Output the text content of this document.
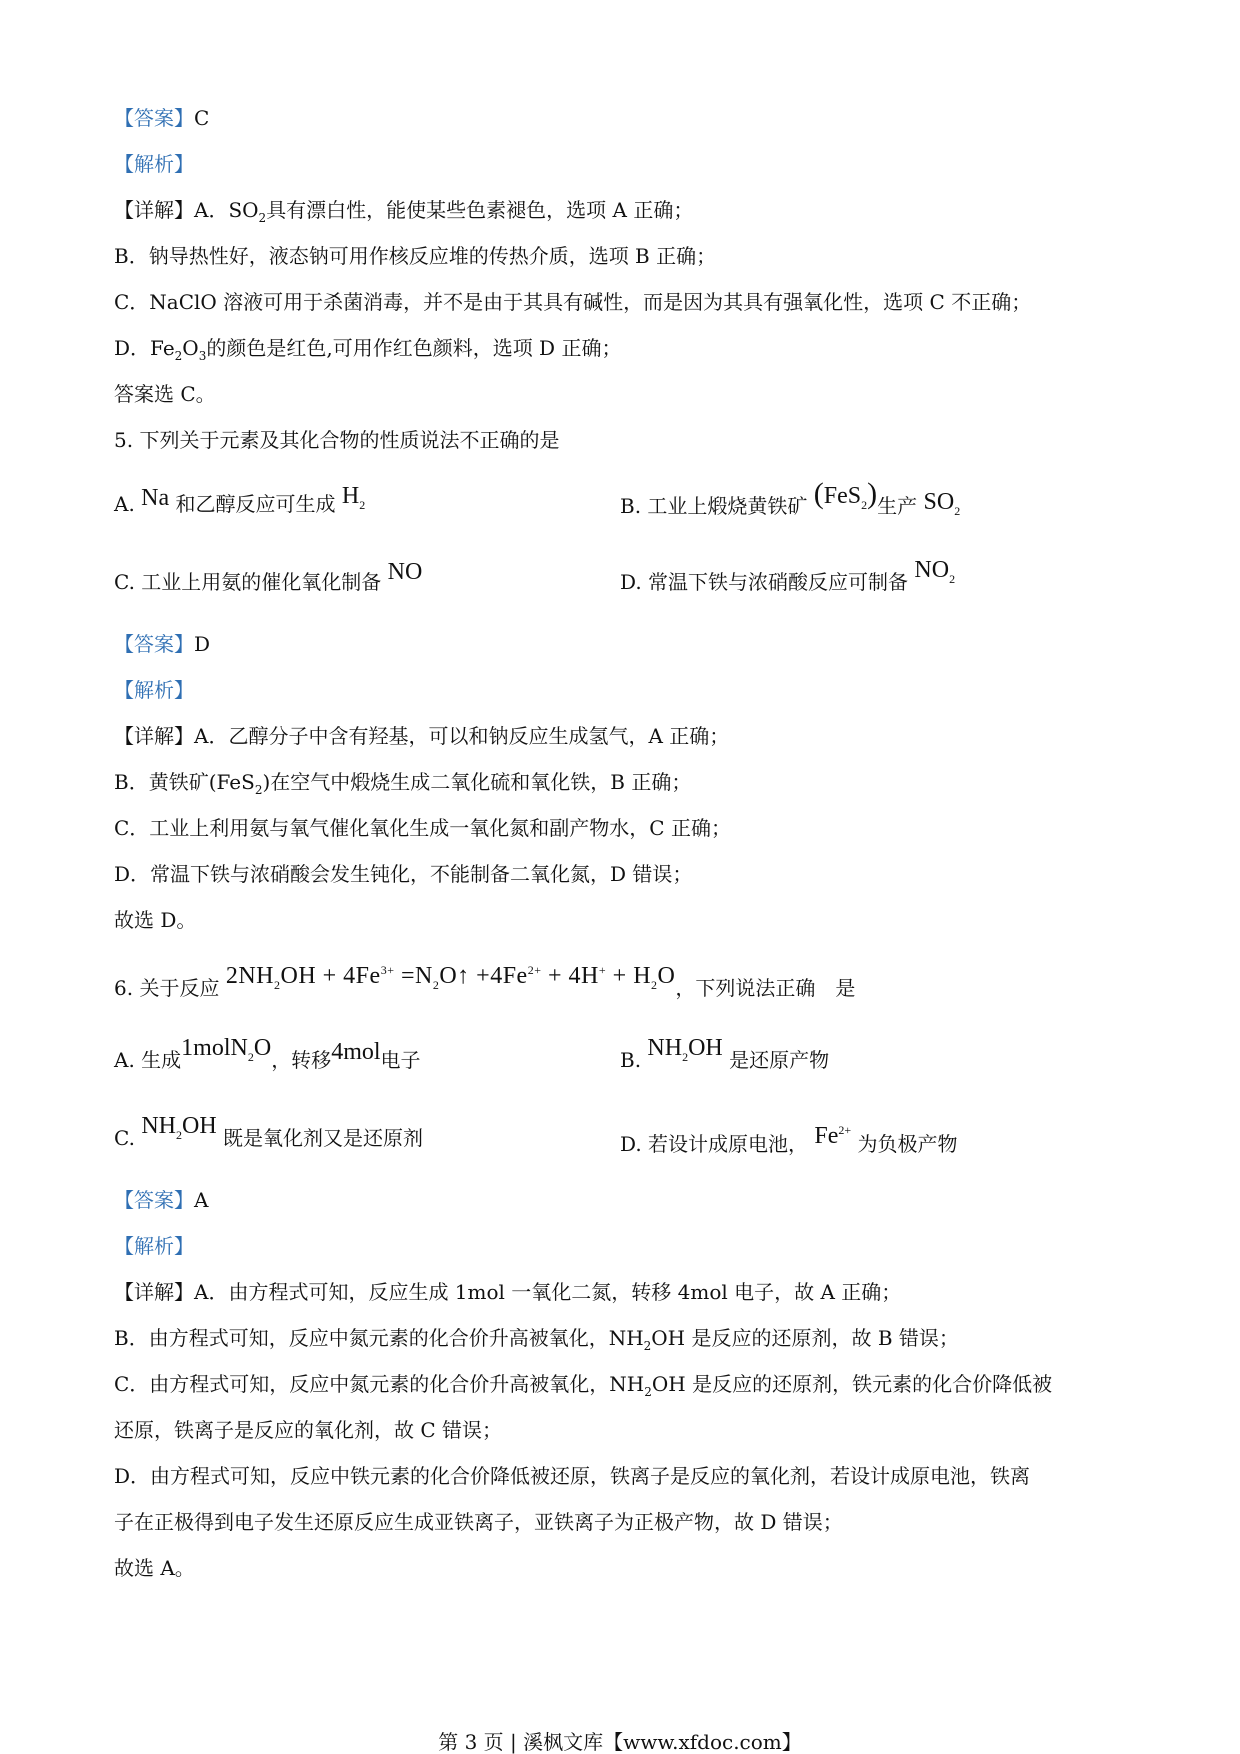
【答案】C
【解析】
【详解】A．$SO_2$具有漂白性，能使某些色素褪色，选项 A 正确；
B．钠导热性好，液态钠可用作核反应堆的传热介质，选项 B 正确；
C．NaClO 溶液可用于杀菌消毒，并不是由于其具有碱性，而是因为其具有强氧化性，选项 C 不正确；
D．$Fe_2O_3$的颜色是红色,可用作红色颜料，选项 D 正确；
答案选 C。
5. 下列关于元素及其化合物的性质说法不正确的是
A. Na 和乙醇反应可生成 $H_2$	B. 工业上煅烧黄铁矿 (FeS$_2$)生产 $SO_2$
C. 工业上用氨的催化氧化制备 NO	D. 常温下铁与浓硝酸反应可制备 $NO_2$
【答案】D
【解析】
【详解】A．乙醇分子中含有羟基，可以和钠反应生成氢气，A 正确；
B．黄铁矿(FeS$_2$)在空气中煅烧生成二氧化硫和氧化铁，B 正确；
C．工业上利用氨与氧气催化氧化生成一氧化氮和副产物水，C 正确；
D．常温下铁与浓硝酸会发生钝化，不能制备二氧化氮，D 错误；
故选 D。
6. 关于反应 $2NH_2OH + 4Fe^{3+}$ $=N_2O↑ +4Fe^{2+} + 4H^+ + H_2O$，下列说法正确　是
A. 生成1molN$_2$O，转移4mol电子	B. $NH_2OH$ 是还原产物
C. $NH_2OH$ 既是氧化剂又是还原剂	D. 若设计成原电池， $Fe^{2+}$ 为负极产物
【答案】A
【解析】
【详解】A．由方程式可知，反应生成 1mol 一氧化二氮，转移 4mol 电子，故 A 正确；
B．由方程式可知，反应中氮元素的化合价升高被氧化，$NH_2OH$ 是反应的还原剂，故 B 错误；
C．由方程式可知，反应中氮元素的化合价升高被氧化，$NH_2OH$ 是反应的还原剂，铁元素的化合价降低被
还原，铁离子是反应的氧化剂，故 C 错误；
D．由方程式可知，反应中铁元素的化合价降低被还原，铁离子是反应的氧化剂，若设计成原电池，铁离
子在正极得到电子发生还原反应生成亚铁离子，亚铁离子为正极产物，故 D 错误；
故选 A。
第 3 页 | 溪枫文库【www.xfdoc.com】
